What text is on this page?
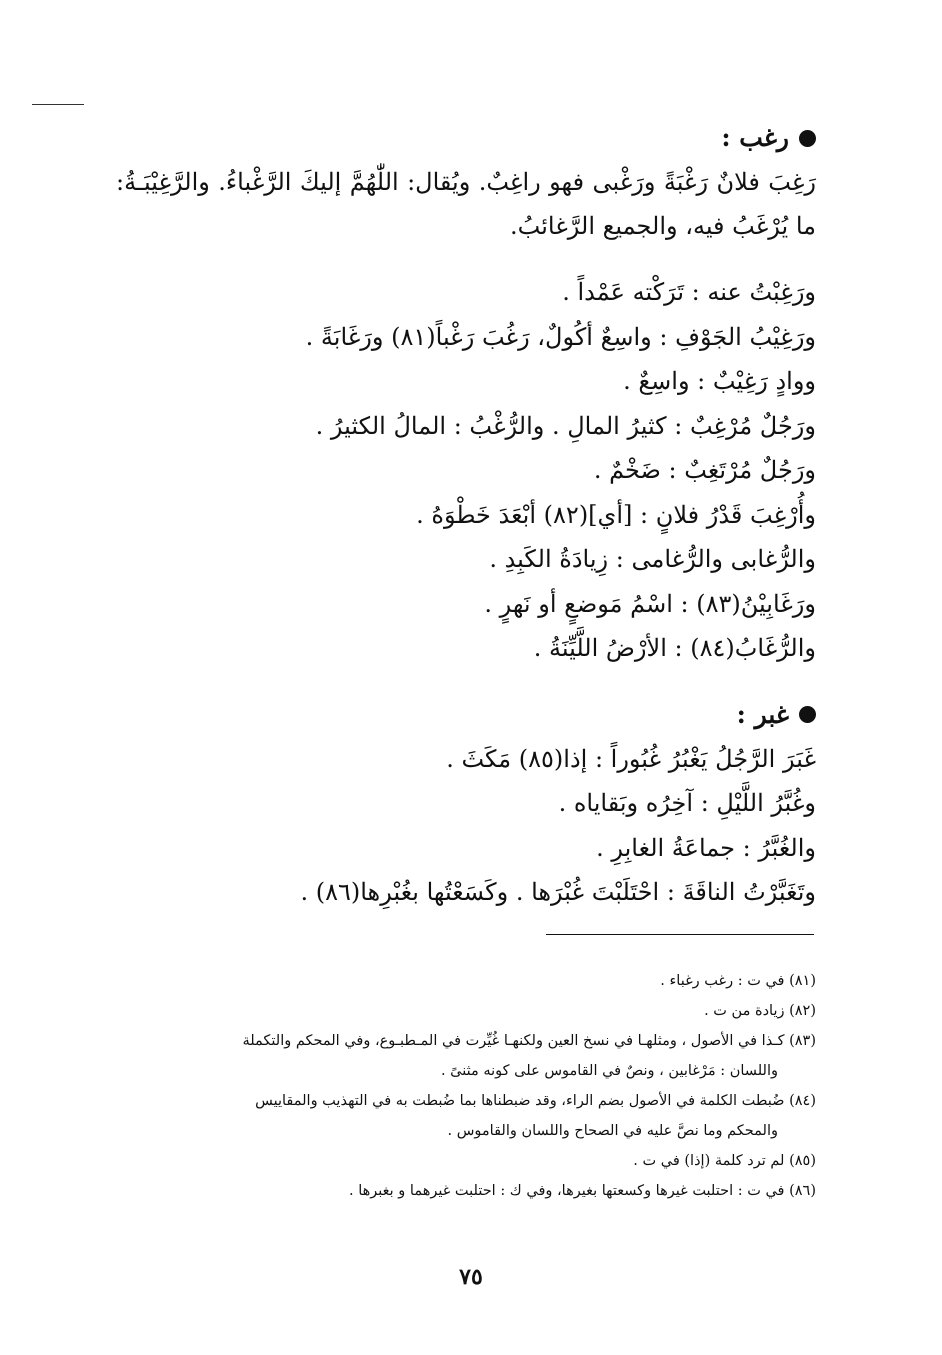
رغب :
رَغِبَ فلانٌ رَغْبَةً ورَغْبى فهو راغِبٌ. ويُقال: اللّٰهُمَّ إليكَ الرَّغْباءُ. والرَّغِيْبَـةُ: ما يُرْغَبُ فيه، والجميع الرَّغائبُ.
ورَغِبْتُ عنه : تَرَكْته عَمْداً .
ورَغِيْبُ الجَوْفِ : واسِعٌ أكُولٌ، رَغُبَ رَغْباً(٨١) ورَغَابَةً .
ووادٍ رَغِيْبٌ : واسِعٌ .
ورَجُلٌ مُرْغِبٌ : كثيرُ المالِ . والرُّغْبُ : المالُ الكثيرُ .
ورَجُلٌ مُرْتَغِبٌ : ضَخْمٌ .
وأُرْغِبَ قَدْرُ فلانٍ : [أي](٨٢) أبْعَدَ خَطْوَهُ .
والرُّغابى والرُّغامى : زِيادَةُ الكَبِدِ .
ورَغَابِيْنُ(٨٣) : اسْمُ مَوضعٍ أو نَهرٍ .
والرُّغَابُ(٨٤) : الأرْضُ اللَّيِّنَةُ .
غبر :
غَبَرَ الرَّجُلُ يَغْبُرُ غُبُوراً : إذا(٨٥) مَكَثَ .
وغُبَّرُ اللَّيْلِ : آخِرُه وبَقاياه .
والغُبَّرُ : جماعَةُ الغابِرِ .
وتَغَبَّرْتُ الناقَةَ : احْتَلَبْتَ غُبْرَها . وكَسَعْتُها بغُبْرِها(٨٦) .
(٨١) في ت : رغب رغباء .
(٨٢) زيادة من ت .
(٨٣) كـذا في الأصول ، ومثلهـا في نسخ العين ولكنهـا غُيِّرت في المـطبـوع، وفي المحكم والتكملة
واللسان : مَرْغابين ، ونصٌ في القاموس على كونه مثنىً .
(٨٤) ضُبطت الكلمة في الأصول بضم الراء، وقد ضبطناها بما ضُبطت به في التهذيب والمقاييس
والمحكم وما نصَّ عليه في الصحاح واللسان والقاموس .
(٨٥) لم ترد كلمة (إذا) في ت .
(٨٦) في ت : احتلبت غيرها وكسعتها بغيرها، وفي ك : احتلبت غيرهما و بغبرها .
٧٥
